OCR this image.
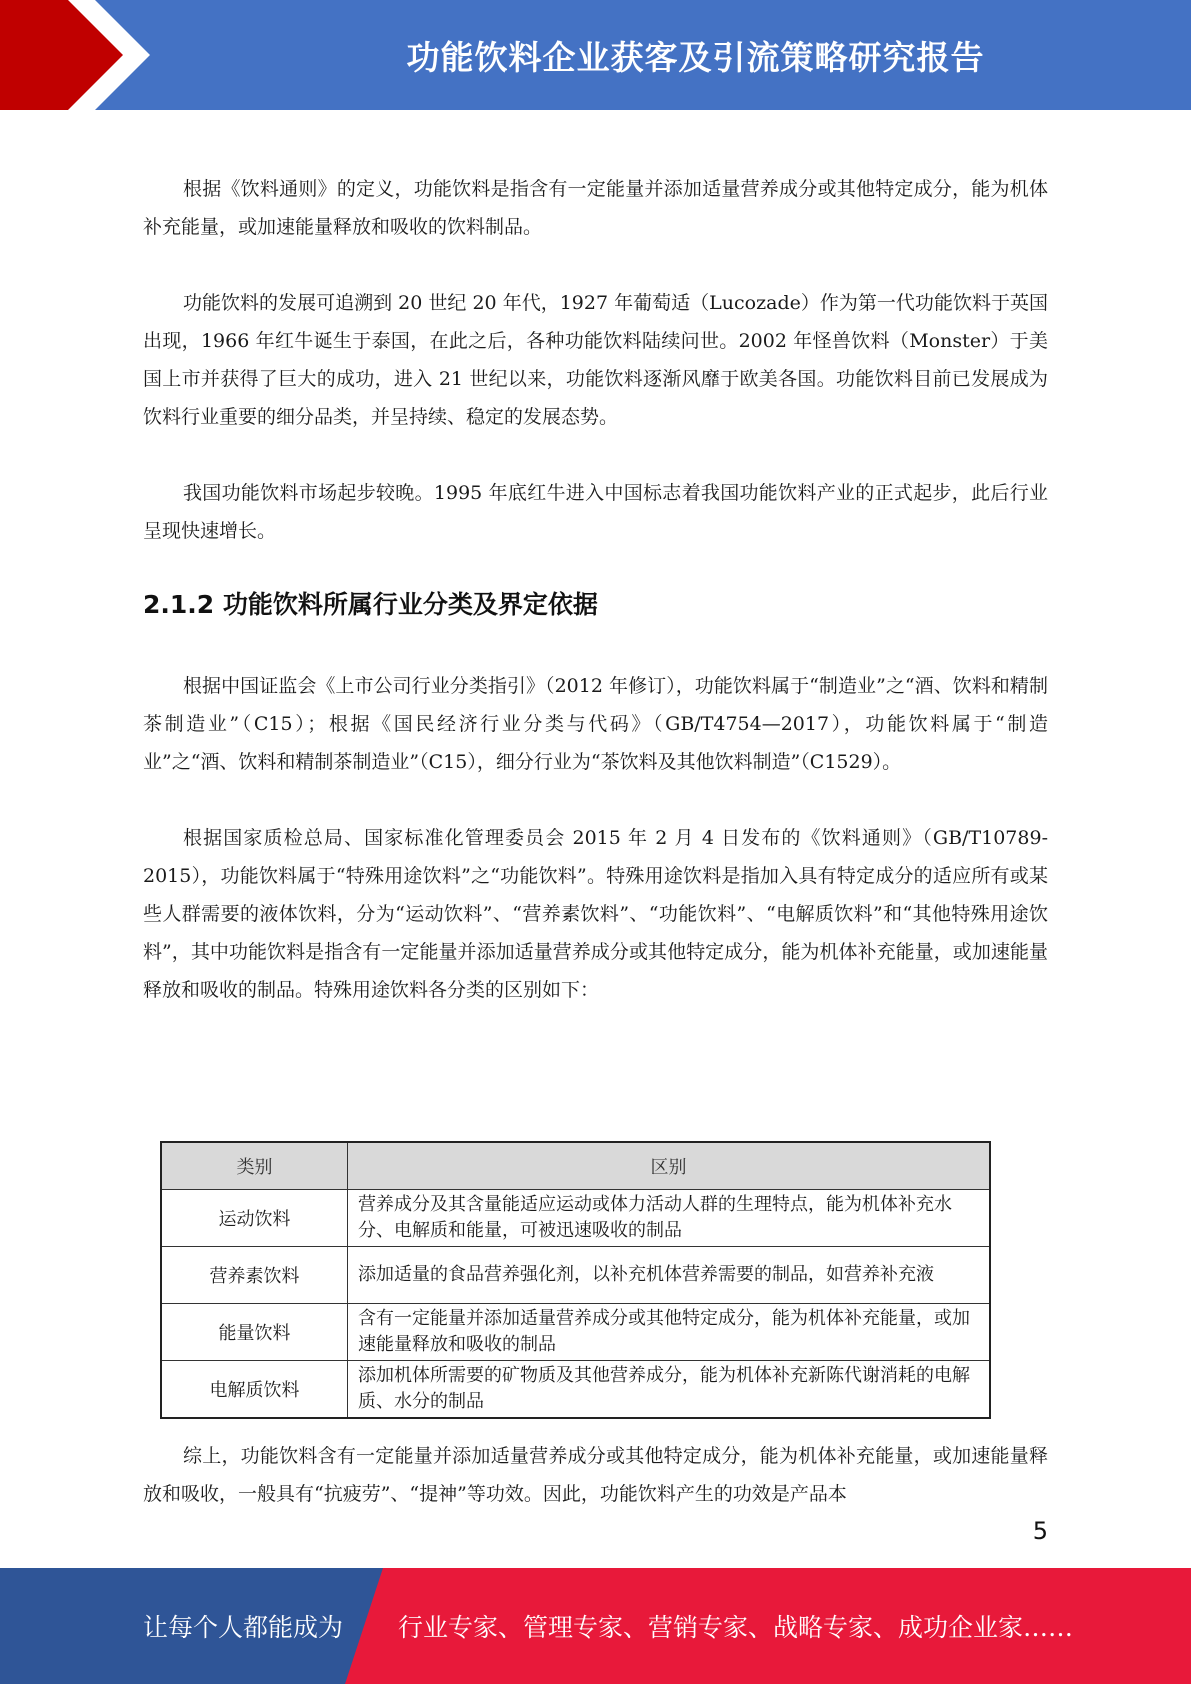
功能饮料企业获客及引流策略研究报告

根据《饮料通则》的定义，功能饮料是指含有一定能量并添加适量营养成分或其他特定成分，能为机体补充能量，或加速能量释放和吸收的饮料制品。

功能饮料的发展可追溯到 20 世纪 20 年代，1927 年葡萄适（Lucozade）作为第一代功能饮料于英国出现，1966 年红牛诞生于泰国，在此之后，各种功能饮料陆续问世。2002 年怪兽饮料（Monster）于美国上市并获得了巨大的成功，进入 21 世纪以来，功能饮料逐渐风靡于欧美各国。功能饮料目前已发展成为饮料行业重要的细分品类，并呈持续、稳定的发展态势。

我国功能饮料市场起步较晚。1995 年底红牛进入中国标志着我国功能饮料产业的正式起步，此后行业呈现快速增长。

2.1.2 功能饮料所属行业分类及界定依据

根据中国证监会《上市公司行业分类指引》（2012 年修订），功能饮料属于“制造业”之“酒、饮料和精制茶制造业”（C15）；根据《国民经济行业分类与代码》（GB/T4754—2017），功能饮料属于“制造业”之“酒、饮料和精制茶制造业”（C15），细分行业为“茶饮料及其他饮料制造”（C1529）。

根据国家质检总局、国家标准化管理委员会 2015 年 2 月 4 日发布的《饮料通则》（GB/T10789-2015），功能饮料属于“特殊用途饮料”之“功能饮料”。特殊用途饮料是指加入具有特定成分的适应所有或某些人群需要的液体饮料，分为“运动饮料”、“营养素饮料”、“功能饮料”、“电解质饮料”和“其他特殊用途饮料”，其中功能饮料是指含有一定能量并添加适量营养成分或其他特定成分，能为机体补充能量，或加速能量释放和吸收的制品。特殊用途饮料各分类的区别如下：

类别	区别
运动饮料	营养成分及其含量能适应运动或体力活动人群的生理特点，能为机体补充水分、电解质和能量，可被迅速吸收的制品
营养素饮料	添加适量的食品营养强化剂，以补充机体营养需要的制品，如营养补充液
能量饮料	含有一定能量并添加适量营养成分或其他特定成分，能为机体补充能量，或加速能量释放和吸收的制品
电解质饮料	添加机体所需要的矿物质及其他营养成分，能为机体补充新陈代谢消耗的电解质、水分的制品

综上，功能饮料含有一定能量并添加适量营养成分或其他特定成分，能为机体补充能量，或加速能量释放和吸收，一般具有“抗疲劳”、“提神”等功效。因此，功能饮料产生的功效是产品本

5
让每个人都能成为 行业专家、管理专家、营销专家、战略专家、成功企业家……
